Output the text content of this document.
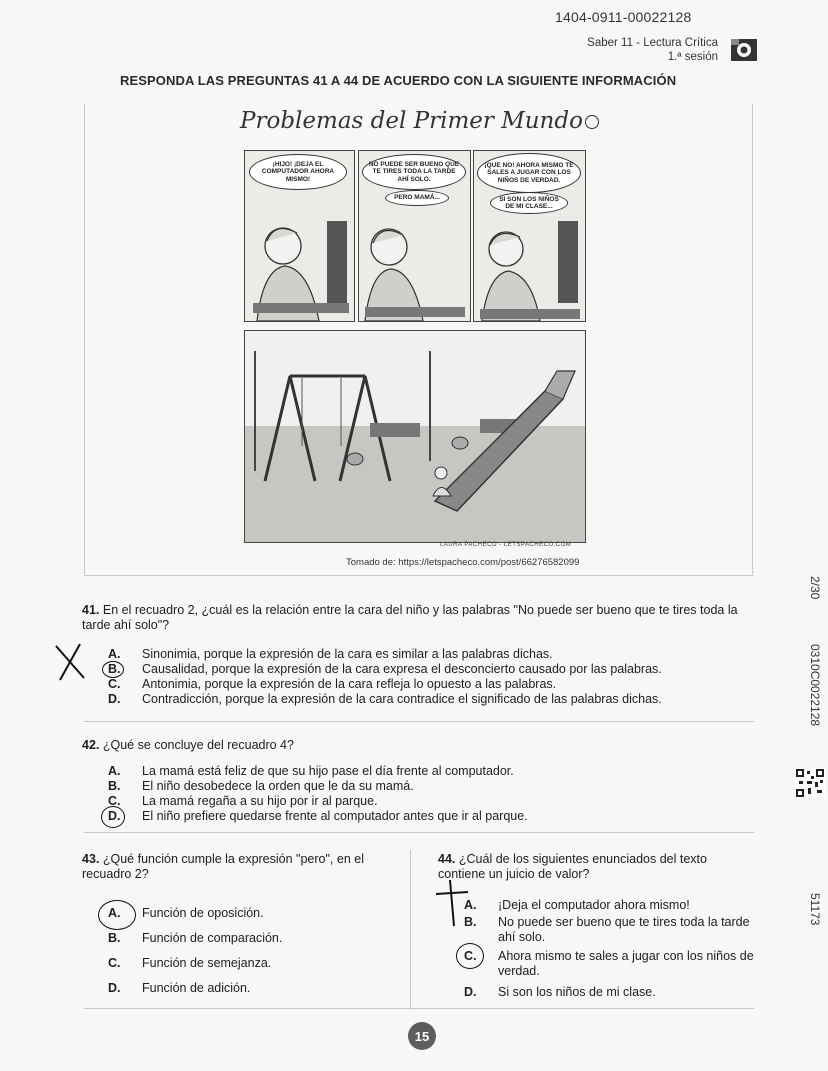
1404-0911-00022128
Saber 11 - Lectura Crítica
1.ª sesión
RESPONDA LAS PREGUNTAS 41 A 44 DE ACUERDO CON LA SIGUIENTE INFORMACIÓN
Problemas del Primer Mundo
¡HIJO! ¡DEJA EL COMPUTADOR AHORA MISMO!
NO PUEDE SER BUENO QUE TE TIRES TODA LA TARDE AHÍ SOLO.
PERO MAMÁ...
¡QUE NO! AHORA MISMO TE SALES A JUGAR CON LOS NIÑOS DE VERDAD.
SI SON LOS NIÑOS DE MI CLASE...
LAURA PACHECO - LETSPACHECO.COM
Tomado de: https://letspacheco.com/post/66276582099
41. En el recuadro 2, ¿cuál es la relación entre la cara del niño y las palabras "No puede ser bueno que te tires toda la tarde ahí solo"?
A. Sinonimia, porque la expresión de la cara es similar a las palabras dichas.
B. Causalidad, porque la expresión de la cara expresa el desconcierto causado por las palabras.
C. Antonimia, porque la expresión de la cara refleja lo opuesto a las palabras.
D. Contradicción, porque la expresión de la cara contradice el significado de las palabras dichas.
42. ¿Qué se concluye del recuadro 4?
A. La mamá está feliz de que su hijo pase el día frente al computador.
B. El niño desobedece la orden que le da su mamá.
C. La mamá regaña a su hijo por ir al parque.
D. El niño prefiere quedarse frente al computador antes que ir al parque.
43. ¿Qué función cumple la expresión "pero", en el recuadro 2?
A. Función de oposición.
B. Función de comparación.
C. Función de semejanza.
D. Función de adición.
44. ¿Cuál de los siguientes enunciados del texto contiene un juicio de valor?
A.	¡Deja el computador ahora mismo!
B.	No puede ser bueno que te tires toda la tarde ahí solo.
C.	Ahora mismo te sales a jugar con los niños de verdad.
D.	Si son los niños de mi clase.
2/30
0310C0022128
51173
15
